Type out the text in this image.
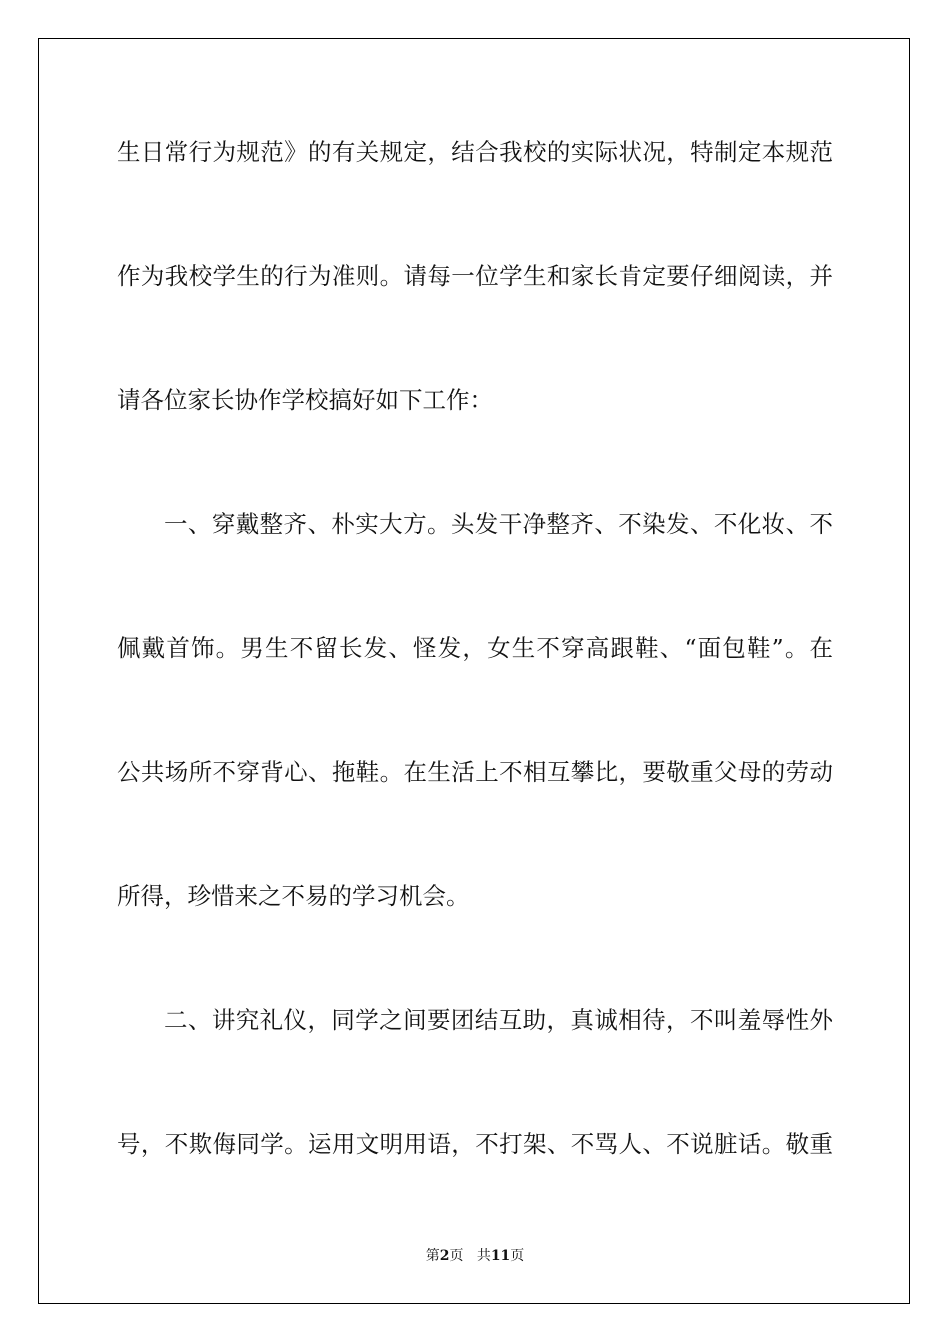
生日常行为规范》的有关规定，结合我校的实际状况，特制定本规范
作为我校学生的行为准则。请每一位学生和家长肯定要仔细阅读，并
请各位家长协作学校搞好如下工作：
一、穿戴整齐、朴实大方。头发干净整齐、不染发、不化妆、不
佩戴首饰。男生不留长发、怪发，女生不穿高跟鞋、“面包鞋”。在
公共场所不穿背心、拖鞋。在生活上不相互攀比，要敬重父母的劳动
所得，珍惜来之不易的学习机会。
二、讲究礼仪，同学之间要团结互助，真诚相待，不叫羞辱性外
号，不欺侮同学。运用文明用语，不打架、不骂人、不说脏话。敬重
第2页 共11页
